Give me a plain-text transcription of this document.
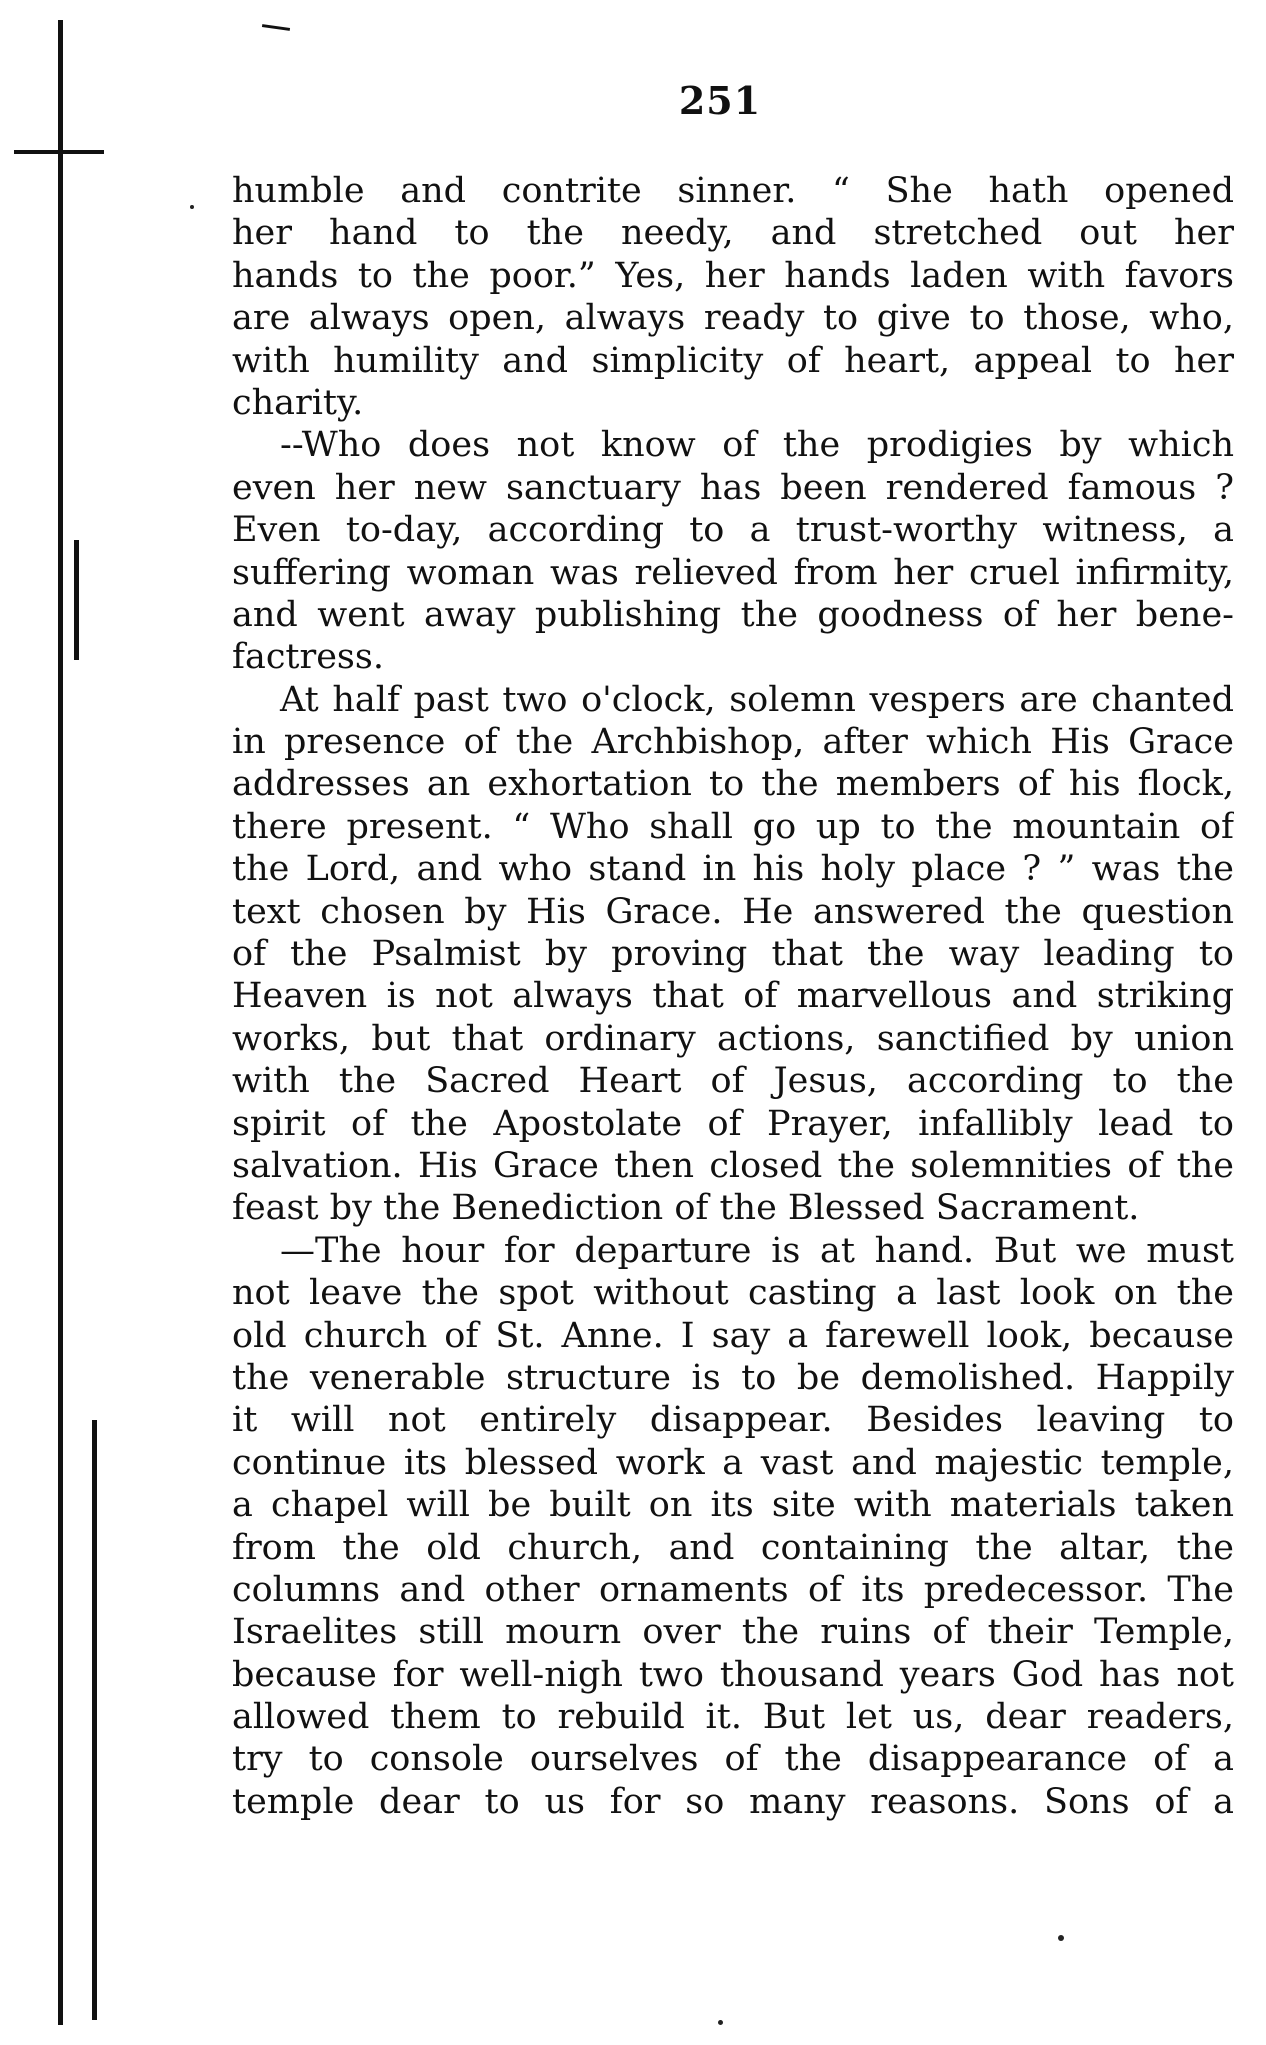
251
humble and contrite sinner. “ She hath opened
her hand to the needy, and stretched out her
hands to the poor.” Yes, her hands laden with favors
are always open, always ready to give to those, who,
with humility and simplicity of heart, appeal to her
charity.
--Who does not know of the prodigies by which
even her new sanctuary has been rendered famous ?
Even to-day, according to a trust-worthy witness, a
suffering woman was relieved from her cruel infirmity,
and went away publishing the goodness of her bene-
factress.
At half past two o'clock, solemn vespers are chanted
in presence of the Archbishop, after which His Grace
addresses an exhortation to the members of his flock,
there present. “ Who shall go up to the mountain of
the Lord, and who stand in his holy place ? ” was the
text chosen by His Grace. He answered the question
of the Psalmist by proving that the way leading to
Heaven is not always that of marvellous and striking
works, but that ordinary actions, sanctified by union
with the Sacred Heart of Jesus, according to the
spirit of the Apostolate of Prayer, infallibly lead to
salvation. His Grace then closed the solemnities of the
feast by the Benediction of the Blessed Sacrament.
—The hour for departure is at hand. But we must
not leave the spot without casting a last look on the
old church of St. Anne. I say a farewell look, because
the venerable structure is to be demolished. Happily
it will not entirely disappear. Besides leaving to
continue its blessed work a vast and majestic temple,
a chapel will be built on its site with materials taken
from the old church, and containing the altar, the
columns and other ornaments of its predecessor. The
Israelites still mourn over the ruins of their Temple,
because for well-nigh two thousand years God has not
allowed them to rebuild it. But let us, dear readers,
try to console ourselves of the disappearance of a
temple dear to us for so many reasons. Sons of a
